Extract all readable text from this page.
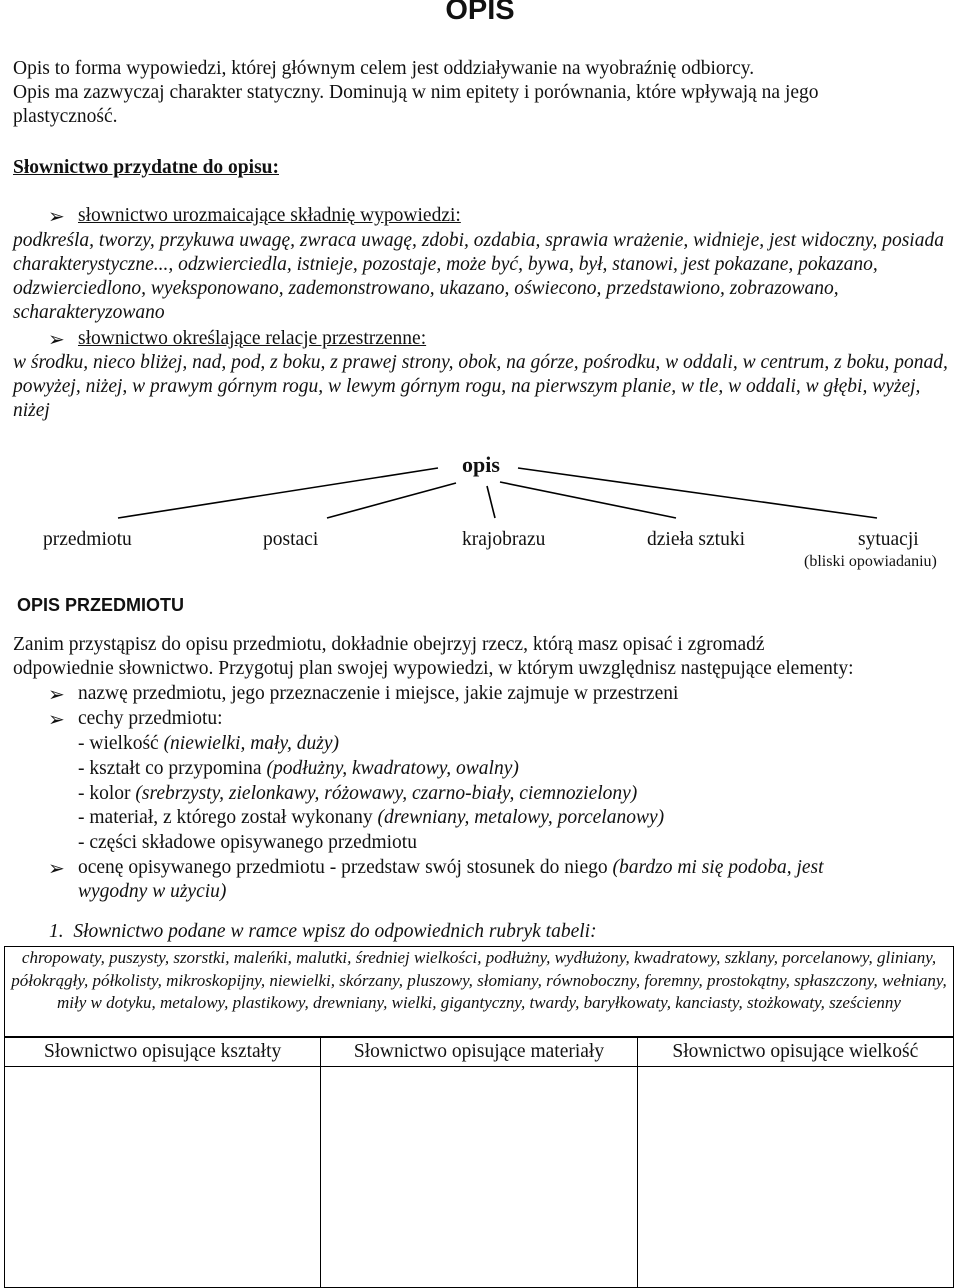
OPIS
Opis to forma wypowiedzi, której głównym celem jest oddziaływanie na wyobraźnię odbiorcy.
Opis ma zazwyczaj charakter statyczny. Dominują w nim epitety i porównania, które wpływają na jego
plastyczność.
Słownictwo przydatne do opisu:
➢ słownictwo urozmaicające składnię wypowiedzi:
podkreśla, tworzy, przykuwa uwagę, zwraca uwagę, zdobi, ozdabia, sprawia wrażenie, widnieje, jest widoczny, posiada charakterystyczne..., odzwierciedla, istnieje, pozostaje, może być, bywa, był, stanowi, jest pokazane, pokazano, odzwierciedlono, wyeksponowano, zademonstrowano, ukazano, oświecono, przedstawiono, zobrazowano, scharakteryzowano
➢ słownictwo określające relacje przestrzenne:
w środku, nieco bliżej, nad, pod, z boku, z prawej strony, obok, na górze, pośrodku, w oddali, w centrum, z boku, ponad, powyżej, niżej, w prawym górnym rogu, w lewym górnym rogu, na pierwszym planie, w tle, w oddali, w głębi, wyżej, niżej
opis
przedmiotu	postaci	krajobrazu	dzieła sztuki	sytuacji
(bliski opowiadaniu)
OPIS PRZEDMIOTU
Zanim przystąpisz do opisu przedmiotu, dokładnie obejrzyj rzecz, którą masz opisać i zgromadź
odpowiednie słownictwo. Przygotuj plan swojej wypowiedzi, w którym uwzględnisz następujące elementy:
➢ nazwę przedmiotu, jego przeznaczenie i miejsce, jakie zajmuje w przestrzeni
➢ cechy przedmiotu:
- wielkość (niewielki, mały, duży)
- kształt co przypomina (podłużny, kwadratowy, owalny)
- kolor (srebrzysty, zielonkawy, różowawy, czarno-biały, ciemnozielony)
- materiał, z którego został wykonany (drewniany, metalowy, porcelanowy)
- części składowe opisywanego przedmiotu
➢ ocenę opisywanego przedmiotu - przedstaw swój stosunek do niego (bardzo mi się podoba, jest
wygodny w użyciu)
1. Słownictwo podane w ramce wpisz do odpowiednich rubryk tabeli:
chropowaty, puszysty, szorstki, maleńki, malutki, średniej wielkości, podłużny, wydłużony, kwadratowy, szklany, porcelanowy, gliniany, półokrągły, półkolisty, mikroskopijny, niewielki, skórzany, pluszowy, słomiany, równoboczny, foremny, prostokątny, spłaszczony, wełniany, miły w dotyku, metalowy, plastikowy, drewniany, wielki, gigantyczny, twardy, baryłkowaty, kanciasty, stożkowaty, sześcienny
Słownictwo opisujące kształty	Słownictwo opisujące materiały	Słownictwo opisujące wielkość
